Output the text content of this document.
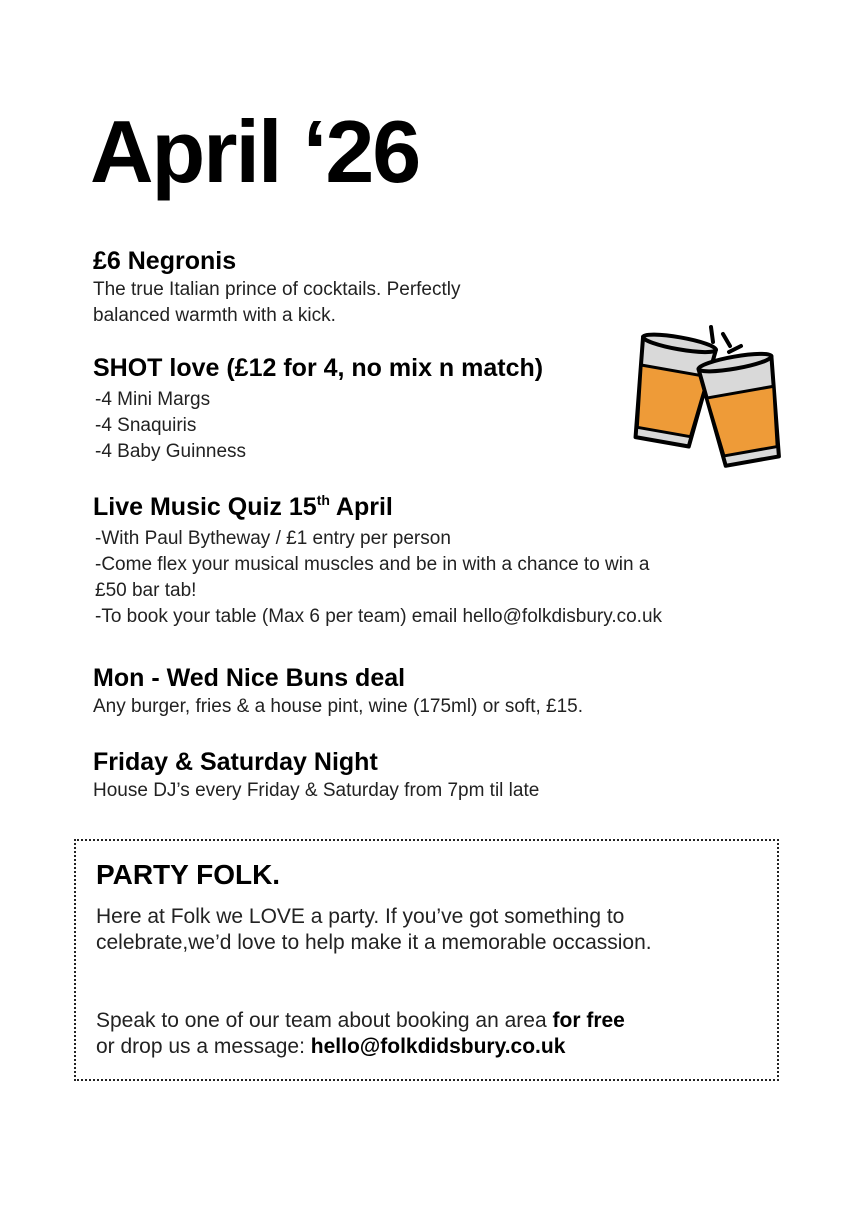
April ‘26
£6 Negronis

The true Italian prince of cocktails. Perfectly

balanced warmth with a kick.

SHOT love (£12 for 4, no mix n match)

-4 Mini Margs

-4 Snaquiris

-4 Baby Guinness

Live Music Quiz 15th April

-With Paul Bytheway / £1 entry per person

-Come flex your musical muscles and be in with a chance to win a

£50 bar tab!

-To book your table (Max 6 per team) email hello@folkdisbury.co.uk

Mon - Wed Nice Buns deal

Any burger, fries & a house pint, wine (175ml) or soft, £15.

Friday & Saturday Night

House DJ’s every Friday & Saturday from 7pm til late

PARTY FOLK.

Here at Folk we LOVE a party. If you’ve got something to celebrate,we’d love to help make it a memorable occassion.

Speak to one of our team about booking an area for free
or drop us a message: hello@folkdidsbury.co.uk
